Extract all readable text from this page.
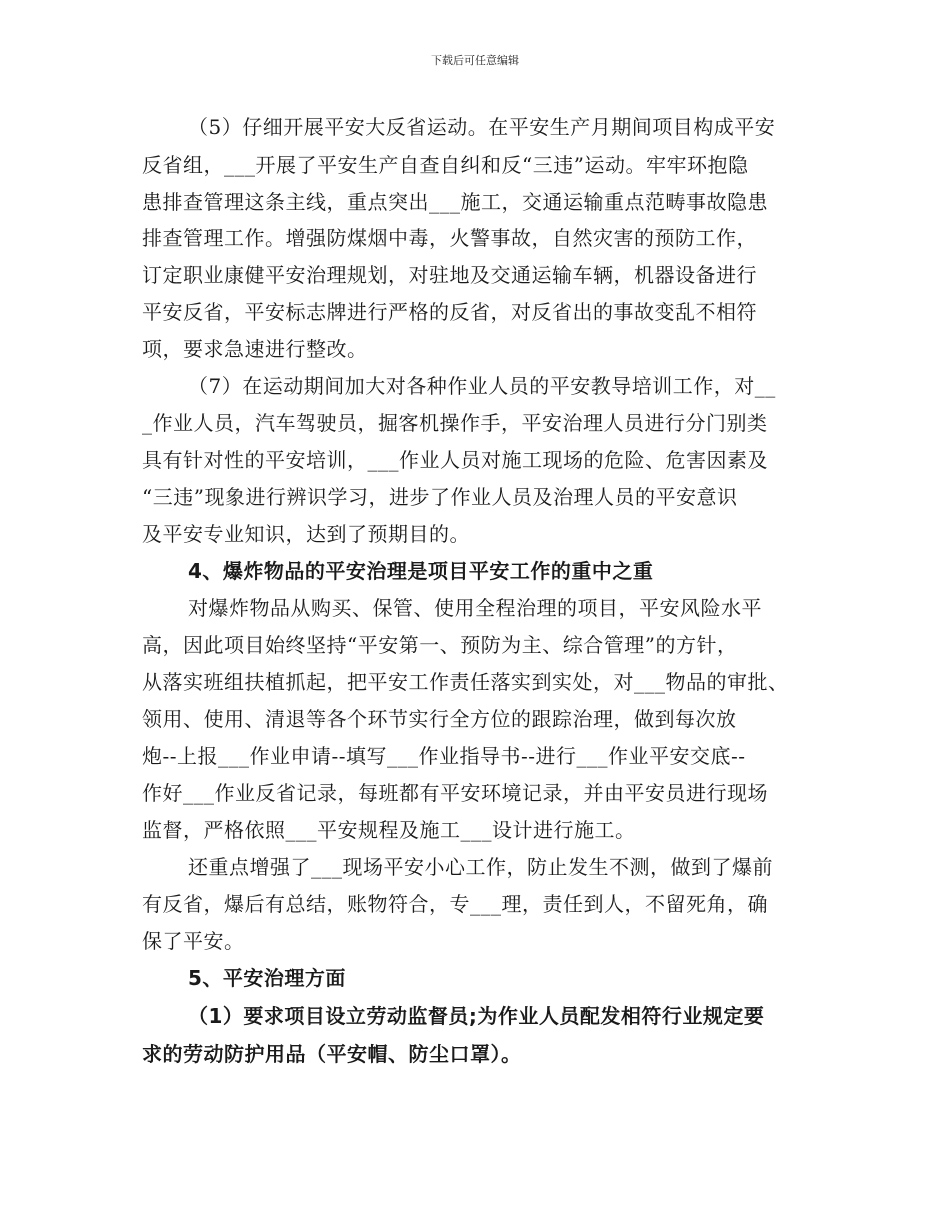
下载后可任意编辑
（5）仔细开展平安大反省运动。在平安生产月期间项目构成平安
反省组，___开展了平安生产自查自纠和反“三违”运动。牢牢环抱隐
患排查管理这条主线，重点突出___施工，交通运输重点范畴事故隐患
排查管理工作。增强防煤烟中毒，火警事故，自然灾害的预防工作，
订定职业康健平安治理规划，对驻地及交通运输车辆，机器设备进行
平安反省，平安标志牌进行严格的反省，对反省出的事故变乱不相符
项，要求急速进行整改。
（7）在运动期间加大对各种作业人员的平安教导培训工作，对__
_作业人员，汽车驾驶员，掘客机操作手，平安治理人员进行分门别类
具有针对性的平安培训，___作业人员对施工现场的危险、危害因素及
“三违”现象进行辨识学习，进步了作业人员及治理人员的平安意识
及平安专业知识，达到了预期目的。
4、爆炸物品的平安治理是项目平安工作的重中之重
对爆炸物品从购买、保管、使用全程治理的项目，平安风险水平
高，因此项目始终坚持“平安第一、预防为主、综合管理”的方针，
从落实班组扶植抓起，把平安工作责任落实到实处，对___物品的审批、
领用、使用、清退等各个环节实行全方位的跟踪治理，做到每次放
炮--上报___作业申请--填写___作业指导书--进行___作业平安交底--
作好___作业反省记录，每班都有平安环境记录，并由平安员进行现场
监督，严格依照___平安规程及施工___设计进行施工。
还重点增强了___现场平安小心工作，防止发生不测，做到了爆前
有反省，爆后有总结，账物符合，专___理，责任到人，不留死角，确
保了平安。
5、平安治理方面
（1）要求项目设立劳动监督员;为作业人员配发相符行业规定要
求的劳动防护用品（平安帽、防尘口罩）。
